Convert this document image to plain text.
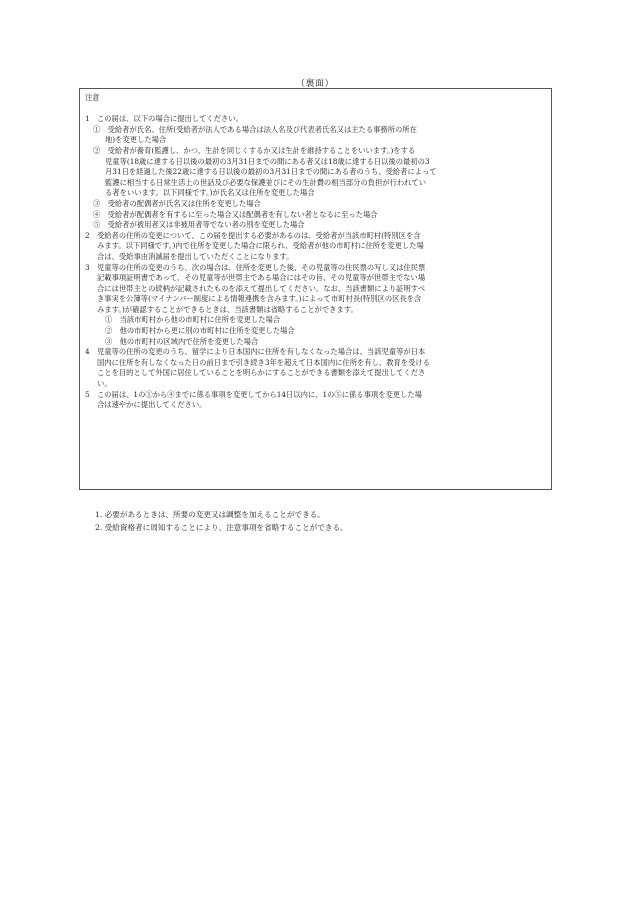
（裏面）
注意
1　この届は、以下の場合に提出してください。
①　受給者が氏名、住所(受給者が法人である場合は法人名及び代表者氏名又は主たる事務所の所在
地)を変更した場合
②　受給者が養育(監護し、かつ、生計を同じくするか又は生計を維持することをいいます。)をする
児童等(18歳に達する日以後の最初の3月31日までの間にある者又は18歳に達する日以後の最初の3
月31日を経過した後22歳に達する日以後の最初の3月31日までの間にある者のうち、受給者によって
監護に相当する日常生活上の世話及び必要な保護並びにその生計費の相当部分の負担が行われてい
る者をいいます。以下同様です。)が氏名又は住所を変更した場合
③　受給者の配偶者が氏名又は住所を変更した場合
④　受給者が配偶者を有するに至った場合又は配偶者を有しない者となるに至った場合
⑤　受給者が被用者又は非被用者等でない者の別を変更した場合
2　受給者の住所の変更について、この届を提出する必要があるのは、受給者が当該市町村(特別区を含
みます。以下同様です。)内で住所を変更した場合に限られ、受給者が他の市町村に住所を変更した場
合は、受給事由消滅届を提出していただくことになります。
3　児童等の住所の変更のうち、次の場合は、住所を変更した後、その児童等の住民票の写し又は住民票
記載事項証明書であって、その児童等が世帯主である場合にはその旨、その児童等が世帯主でない場
合には世帯主との続柄が記載されたものを添えて提出してください。なお、当該書類により証明すべ
き事実を公簿等(マイナンバー制度による情報連携を含みます。)によって市町村長(特別区の区長を含
みます。)が確認することができるときは、当該書類は省略することができます。
①　当該市町村から他の市町村に住所を変更した場合
②　他の市町村から更に別の市町村に住所を変更した場合
③　他の市町村の区域内で住所を変更した場合
4　児童等の住所の変更のうち、留学により日本国内に住所を有しなくなった場合は、当該児童等が日本
国内に住所を有しなくなった日の前日まで引き続き3年を超えて日本国内に住所を有し、教育を受ける
ことを目的として外国に居住していることを明らかにすることができる書類を添えて提出してくださ
い。
5　この届は、1の①から④までに係る事項を変更してから14日以内に、1の⑤に係る事項を変更した場
合は速やかに提出してください。
1. 必要があるときは、所要の変更又は調整を加えることができる。
2. 受給資格者に周知することにより、注意事項を省略することができる。
